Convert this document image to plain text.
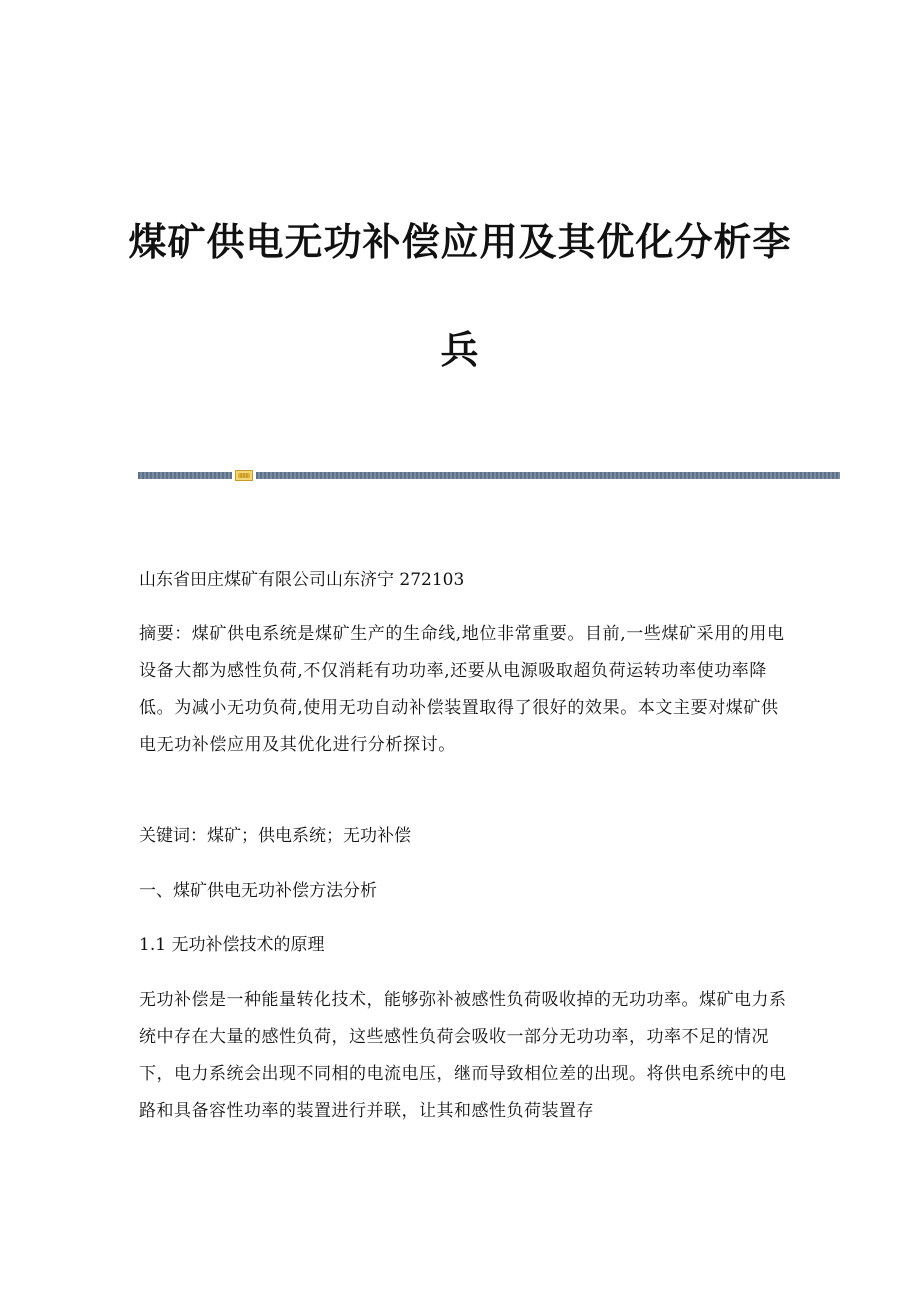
煤矿供电无功补偿应用及其优化分析李兵

山东省田庄煤矿有限公司山东济宁 272103

摘要：煤矿供电系统是煤矿生产的生命线,地位非常重要。目前,一些煤矿采用的用电设备大都为感性负荷,不仅消耗有功功率,还要从电源吸取超负荷运转功率使功率降低。为减小无功负荷,使用无功自动补偿装置取得了很好的效果。本文主要对煤矿供电无功补偿应用及其优化进行分析探讨。

关键词：煤矿；供电系统；无功补偿

一、煤矿供电无功补偿方法分析

1.1 无功补偿技术的原理

无功补偿是一种能量转化技术，能够弥补被感性负荷吸收掉的无功功率。煤矿电力系统中存在大量的感性负荷，这些感性负荷会吸收一部分无功功率，功率不足的情况下，电力系统会出现不同相的电流电压，继而导致相位差的出现。将供电系统中的电路和具备容性功率的装置进行并联，让其和感性负荷装置存
